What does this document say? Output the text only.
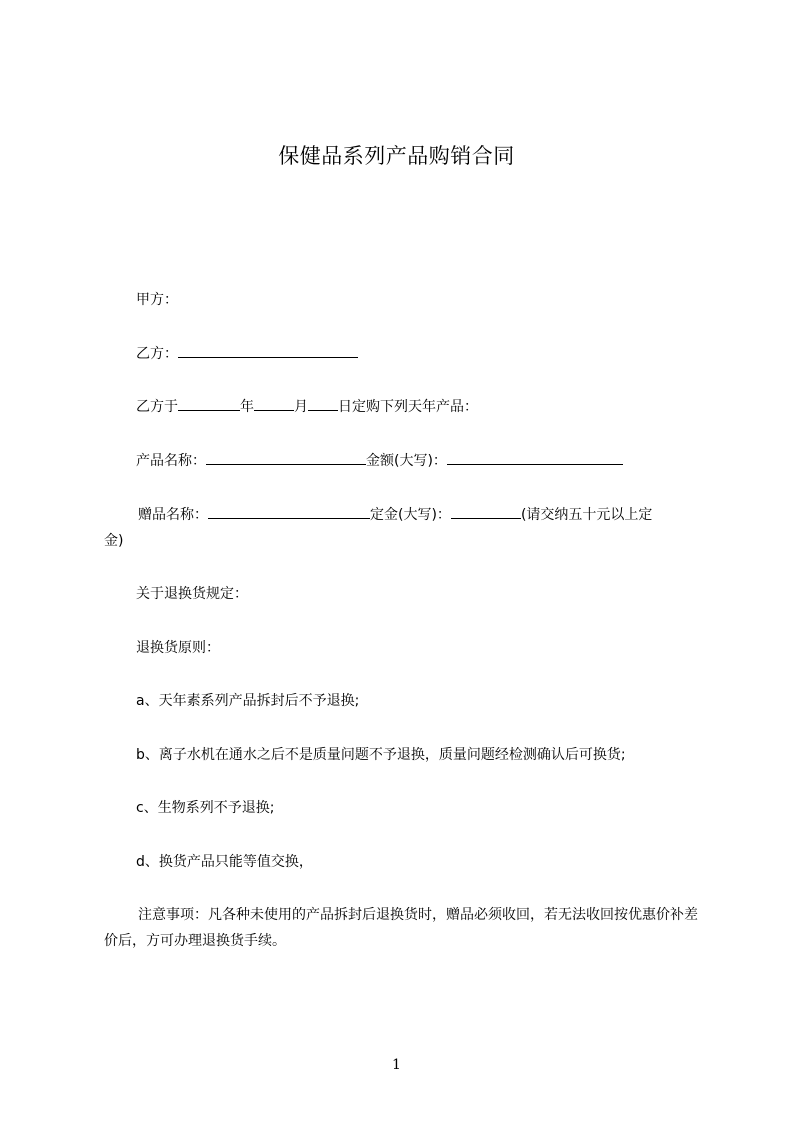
保健品系列产品购销合同
甲方：
乙方：
乙方于	年	月 日定购下列天年产品：
产品名称：	金额(大写)：
赠品名称：	定金(大写)：	(请交纳五十元以上定
金)
关于退换货规定：
退换货原则：
a、天年素系列产品拆封后不予退换;
b、离子水机在通水之后不是质量问题不予退换，质量问题经检测确认后可换货;
c、生物系列不予退换;
d、换货产品只能等值交换，
注意事项：凡各种未使用的产品拆封后退换货时，赠品必须收回，若无法收回按优惠价补差价后，方可办理退换货手续。
1
